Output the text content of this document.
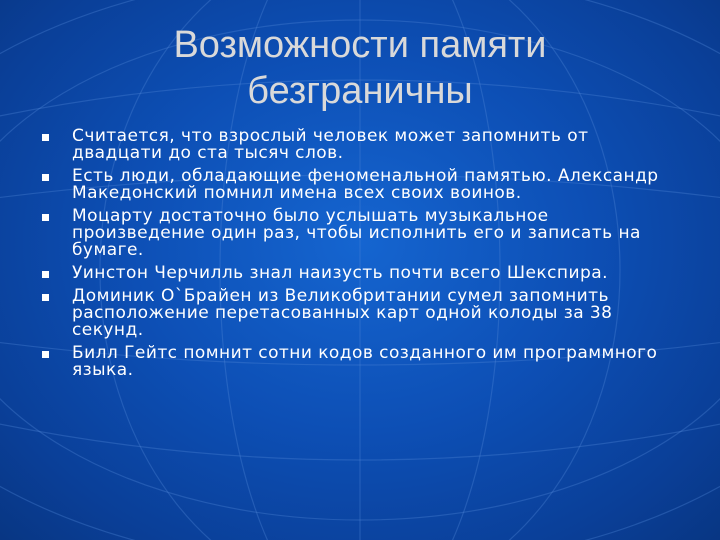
Возможности памяти
безграничны
Считается, что взрослый человек может запомнить от двадцати до ста тысяч слов.
Есть люди, обладающие феноменальной памятью. Александр Македонский помнил имена всех своих воинов.
Моцарту достаточно было услышать музыкальное произведение один раз, чтобы исполнить его и записать на бумаге.
Уинстон Черчилль знал наизусть почти всего Шекспира.
Доминик О`Брайен из Великобритании сумел запомнить расположение перетасованных карт одной колоды за 38 секунд.
Билл Гейтс помнит сотни кодов созданного им программного языка.
